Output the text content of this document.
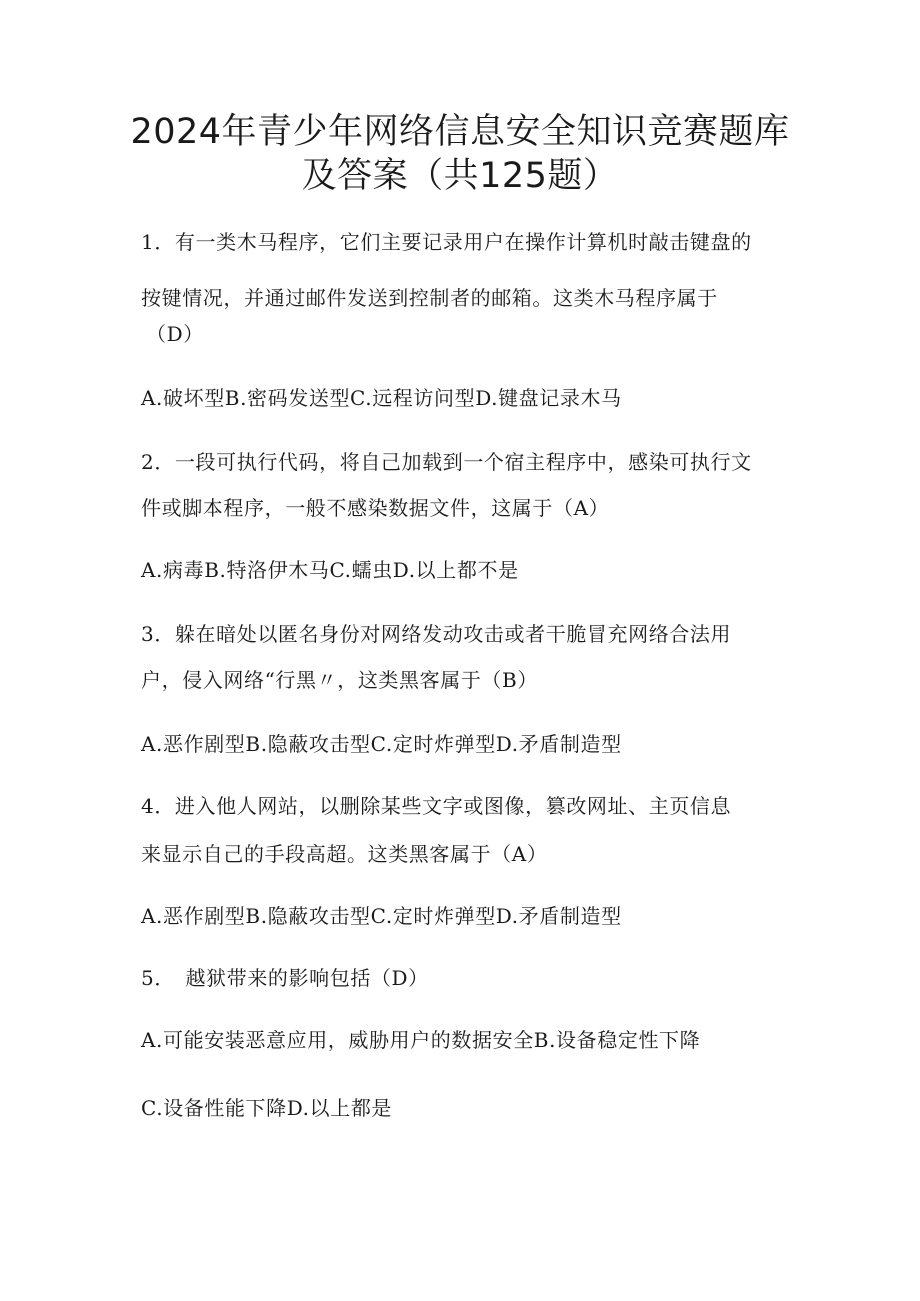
2024年青少年网络信息安全知识竞赛题库
及答案（共125题）
1．有一类木马程序，它们主要记录用户在操作计算机时敲击键盘的
按键情况，并通过邮件发送到控制者的邮箱。这类木马程序属于
（D）
A.破坏型B.密码发送型C.远程访问型D.键盘记录木马
2．一段可执行代码，将自己加载到一个宿主程序中，感染可执行文
件或脚本程序，一般不感染数据文件，这属于（A）
A.病毒B.特洛伊木马C.蠕虫D.以上都不是
3．躲在暗处以匿名身份对网络发动攻击或者干脆冒充网络合法用
户，侵入网络“行黑〃，这类黑客属于（B）
A.恶作剧型B.隐蔽攻击型C.定时炸弹型D.矛盾制造型
4．进入他人网站，以删除某些文字或图像，篡改网址、主页信息
来显示自己的手段高超。这类黑客属于（A）
A.恶作剧型B.隐蔽攻击型C.定时炸弹型D.矛盾制造型
5．　越狱带来的影响包括（D）
A.可能安装恶意应用，威胁用户的数据安全B.设备稳定性下降
C.设备性能下降D.以上都是
